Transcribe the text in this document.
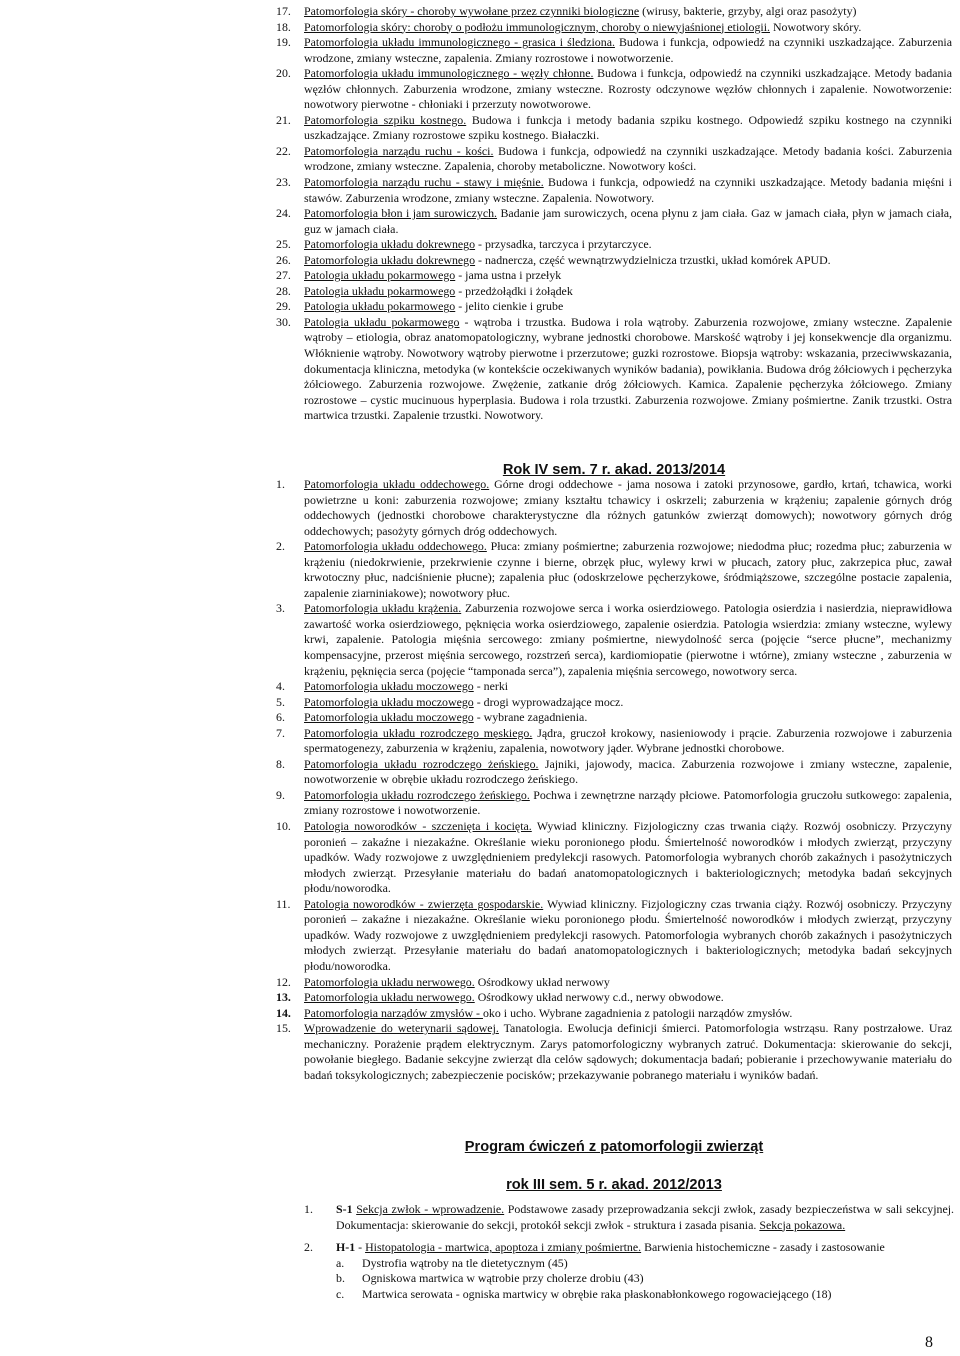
17.	Patomorfologia skóry - choroby wywołane przez czynniki biologiczne (wirusy, bakterie, grzyby, algi oraz pasożyty)
18.	Patomorfologia skóry: choroby o podłożu immunologicznym, choroby o niewyjaśnionej etiologii. Nowotwory skóry.
19.	Patomorfologia układu immunologicznego - grasica i śledziona. Budowa i funkcja, odpowiedź na czynniki uszkadzające. Zaburzenia wrodzone, zmiany wsteczne, zapalenia. Zmiany rozrostowe i nowotworzenie.
20.	Patomorfologia układu immunologicznego - węzły chłonne. Budowa i funkcja, odpowiedź na czynniki uszkadzające. Metody badania węzłów chłonnych. Zaburzenia wrodzone, zmiany wsteczne. Rozrosty odczynowe węzłów chłonnych i zapalenie. Nowotworzenie: nowotwory pierwotne - chłoniaki i przerzuty nowotworowe.
21.	Patomorfologia szpiku kostnego. Budowa i funkcja i metody badania szpiku kostnego. Odpowiedź szpiku kostnego na czynniki uszkadzające. Zmiany rozrostowe szpiku kostnego. Białaczki.
22.	Patomorfologia narządu ruchu - kości. Budowa i funkcja, odpowiedź na czynniki uszkadzające. Metody badania kości. Zaburzenia wrodzone, zmiany wsteczne. Zapalenia, choroby metaboliczne. Nowotwory kości.
23.	Patomorfologia narządu ruchu - stawy i mięśnie. Budowa i funkcja, odpowiedź na czynniki uszkadzające. Metody badania mięśni i stawów. Zaburzenia wrodzone, zmiany wsteczne. Zapalenia. Nowotwory.
24.	Patomorfologia błon i jam surowiczych. Badanie jam surowiczych, ocena płynu z jam ciała. Gaz w jamach ciała, płyn w jamach ciała, guz w jamach ciała.
25.	Patomorfologia układu dokrewnego - przysadka, tarczyca i przytarczyce.
26.	Patomorfologia układu dokrewnego - nadnercza, część wewnątrzwydzielnicza trzustki, układ komórek APUD.
27.	Patologia układu pokarmowego - jama ustna i przełyk
28.	Patologia układu pokarmowego - przedżołądki i żołądek
29.	Patologia układu pokarmowego - jelito cienkie i grube
30.	Patologia układu pokarmowego - wątroba i trzustka. Budowa i rola wątroby. Zaburzenia rozwojowe, zmiany wsteczne. Zapalenie wątroby – etiologia, obraz anatomopatologiczny, wybrane jednostki chorobowe. Marskość wątroby i jej konsekwencje dla organizmu. Włóknienie wątroby. Nowotwory wątroby pierwotne i przerzutowe; guzki rozrostowe. Biopsja wątroby: wskazania, przeciwwskazania, dokumentacja kliniczna, metodyka (w kontekście oczekiwanych wyników badania), powikłania. Budowa dróg żółciowych i pęcherzyka żółciowego. Zaburzenia rozwojowe. Zwężenie, zatkanie dróg żółciowych. Kamica. Zapalenie pęcherzyka żółciowego. Zmiany rozrostowe – cystic mucinuous hyperplasia. Budowa i rola trzustki. Zaburzenia rozwojowe. Zmiany pośmiertne. Zanik trzustki. Ostra martwica trzustki. Zapalenie trzustki. Nowotwory.
Rok IV sem. 7 r. akad. 2013/2014
1.	Patomorfologia układu oddechowego. Górne drogi oddechowe - jama nosowa i zatoki przynosowe, gardło, krtań, tchawica, worki powietrzne u koni: zaburzenia rozwojowe; zmiany kształtu tchawicy i oskrzeli; zaburzenia w krążeniu; zapalenie górnych dróg oddechowych (jednostki chorobowe charakterystyczne dla różnych gatunków zwierząt domowych); nowotwory górnych dróg oddechowych; pasożyty górnych dróg oddechowych.
2.	Patomorfologia układu oddechowego. Płuca: zmiany pośmiertne; zaburzenia rozwojowe; niedodma płuc; rozedma płuc; zaburzenia w krążeniu (niedokrwienie, przekrwienie czynne i bierne, obrzęk płuc, wylewy krwi w płucach, zatory płuc, zakrzepica płuc, zawał krwotoczny płuc, nadciśnienie płucne); zapalenia płuc (odoskrzelowe pęcherzykowe, śródmiąższowe, szczególne postacie zapalenia, zapalenie ziarniniakowe); nowotwory płuc.
3.	Patomorfologia układu krążenia. Zaburzenia rozwojowe serca i worka osierdziowego. Patologia osierdzia i nasierdzia, nieprawidłowa zawartość worka osierdziowego, pęknięcia worka osierdziowego, zapalenie osierdzia. Patologia wsierdzia: zmiany wsteczne, wylewy krwi, zapalenie. Patologia mięśnia sercowego: zmiany pośmiertne, niewydolność serca (pojęcie “serce płucne”, mechanizmy kompensacyjne, przerost mięśnia sercowego, rozstrzeń serca), kardiomiopatie (pierwotne i wtórne), zmiany wsteczne , zaburzenia w krążeniu, pęknięcia serca (pojęcie “tamponada serca”), zapalenia mięśnia sercowego, nowotwory serca.
4.	Patomorfologia układu moczowego - nerki
5.	Patomorfologia układu moczowego - drogi wyprowadzające mocz.
6.	Patomorfologia układu moczowego - wybrane zagadnienia.
7.	Patomorfologia układu rozrodczego męskiego. Jądra, gruczoł krokowy, nasieniowody i prącie. Zaburzenia rozwojowe i zaburzenia spermatogenezy, zaburzenia w krążeniu, zapalenia, nowotwory jąder. Wybrane jednostki chorobowe.
8.	Patomorfologia układu rozrodczego żeńskiego. Jajniki, jajowody, macica. Zaburzenia rozwojowe i zmiany wsteczne, zapalenie, nowotworzenie w obrębie układu rozrodczego żeńskiego.
9.	Patomorfologia układu rozrodczego żeńskiego. Pochwa i zewnętrzne narządy płciowe. Patomorfologia gruczołu sutkowego: zapalenia, zmiany rozrostowe i nowotworzenie.
10.	Patologia noworodków - szczenięta i kocięta. Wywiad kliniczny. Fizjologiczny czas trwania ciąży. Rozwój osobniczy. Przyczyny poronień – zakaźne i niezakaźne. Określanie wieku poronionego płodu. Śmiertelność noworodków i młodych zwierząt, przyczyny upadków. Wady rozwojowe z uwzględnieniem predylekcji rasowych. Patomorfologia wybranych chorób zakaźnych i pasożytniczych młodych zwierząt. Przesyłanie materiału do badań anatomopatologicznych i bakteriologicznych; metodyka badań sekcyjnych płodu/noworodka.
11.	Patologia noworodków - zwierzęta gospodarskie. Wywiad kliniczny. Fizjologiczny czas trwania ciąży. Rozwój osobniczy. Przyczyny poronień – zakaźne i niezakaźne. Określanie wieku poronionego płodu. Śmiertelność noworodków i młodych zwierząt, przyczyny upadków. Wady rozwojowe z uwzględnieniem predylekcji rasowych. Patomorfologia wybranych chorób zakaźnych i pasożytniczych młodych zwierząt. Przesyłanie materiału do badań anatomopatologicznych i bakteriologicznych; metodyka badań sekcyjnych płodu/noworodka.
12.	Patomorfologia układu nerwowego. Ośrodkowy układ nerwowy
13.	Patomorfologia układu nerwowego. Ośrodkowy układ nerwowy c.d., nerwy obwodowe.
14.	Patomorfologia narządów zmysłów - oko i ucho. Wybrane zagadnienia z patologii narządów zmysłów.
15.	Wprowadzenie do weterynarii sądowej. Tanatologia. Ewolucja definicji śmierci. Patomorfologia wstrząsu. Rany postrzałowe. Uraz mechaniczny. Porażenie prądem elektrycznym. Zarys patomorfologiczny wybranych zatruć. Dokumentacja: skierowanie do sekcji, powołanie biegłego. Badanie sekcyjne zwierząt dla celów sądowych; dokumentacja badań; pobieranie i przechowywanie materiału do badań toksykologicznych; zabezpieczenie pocisków; przekazywanie pobranego materiału i wyników badań.
Program ćwiczeń z patomorfologii zwierząt
rok III sem. 5 r. akad. 2012/2013
1.	S-1 Sekcja zwłok - wprowadzenie. Podstawowe zasady przeprowadzania sekcji zwłok, zasady bezpieczeństwa w sali sekcyjnej. Dokumentacja: skierowanie do sekcji, protokół sekcji zwłok - struktura i zasada pisania. Sekcja pokazowa.
2.	H-1 - Histopatologia - martwica, apoptoza i zmiany pośmiertne. Barwienia histochemiczne - zasady i zastosowanie
a.	Dystrofia wątroby na tle dietetycznym (45)
b.	Ogniskowa martwica w wątrobie przy cholerze drobiu (43)
c.	Martwica serowata - ogniska martwicy w obrębie raka płaskonabłonkowego rogowaciejącego (18)
8
